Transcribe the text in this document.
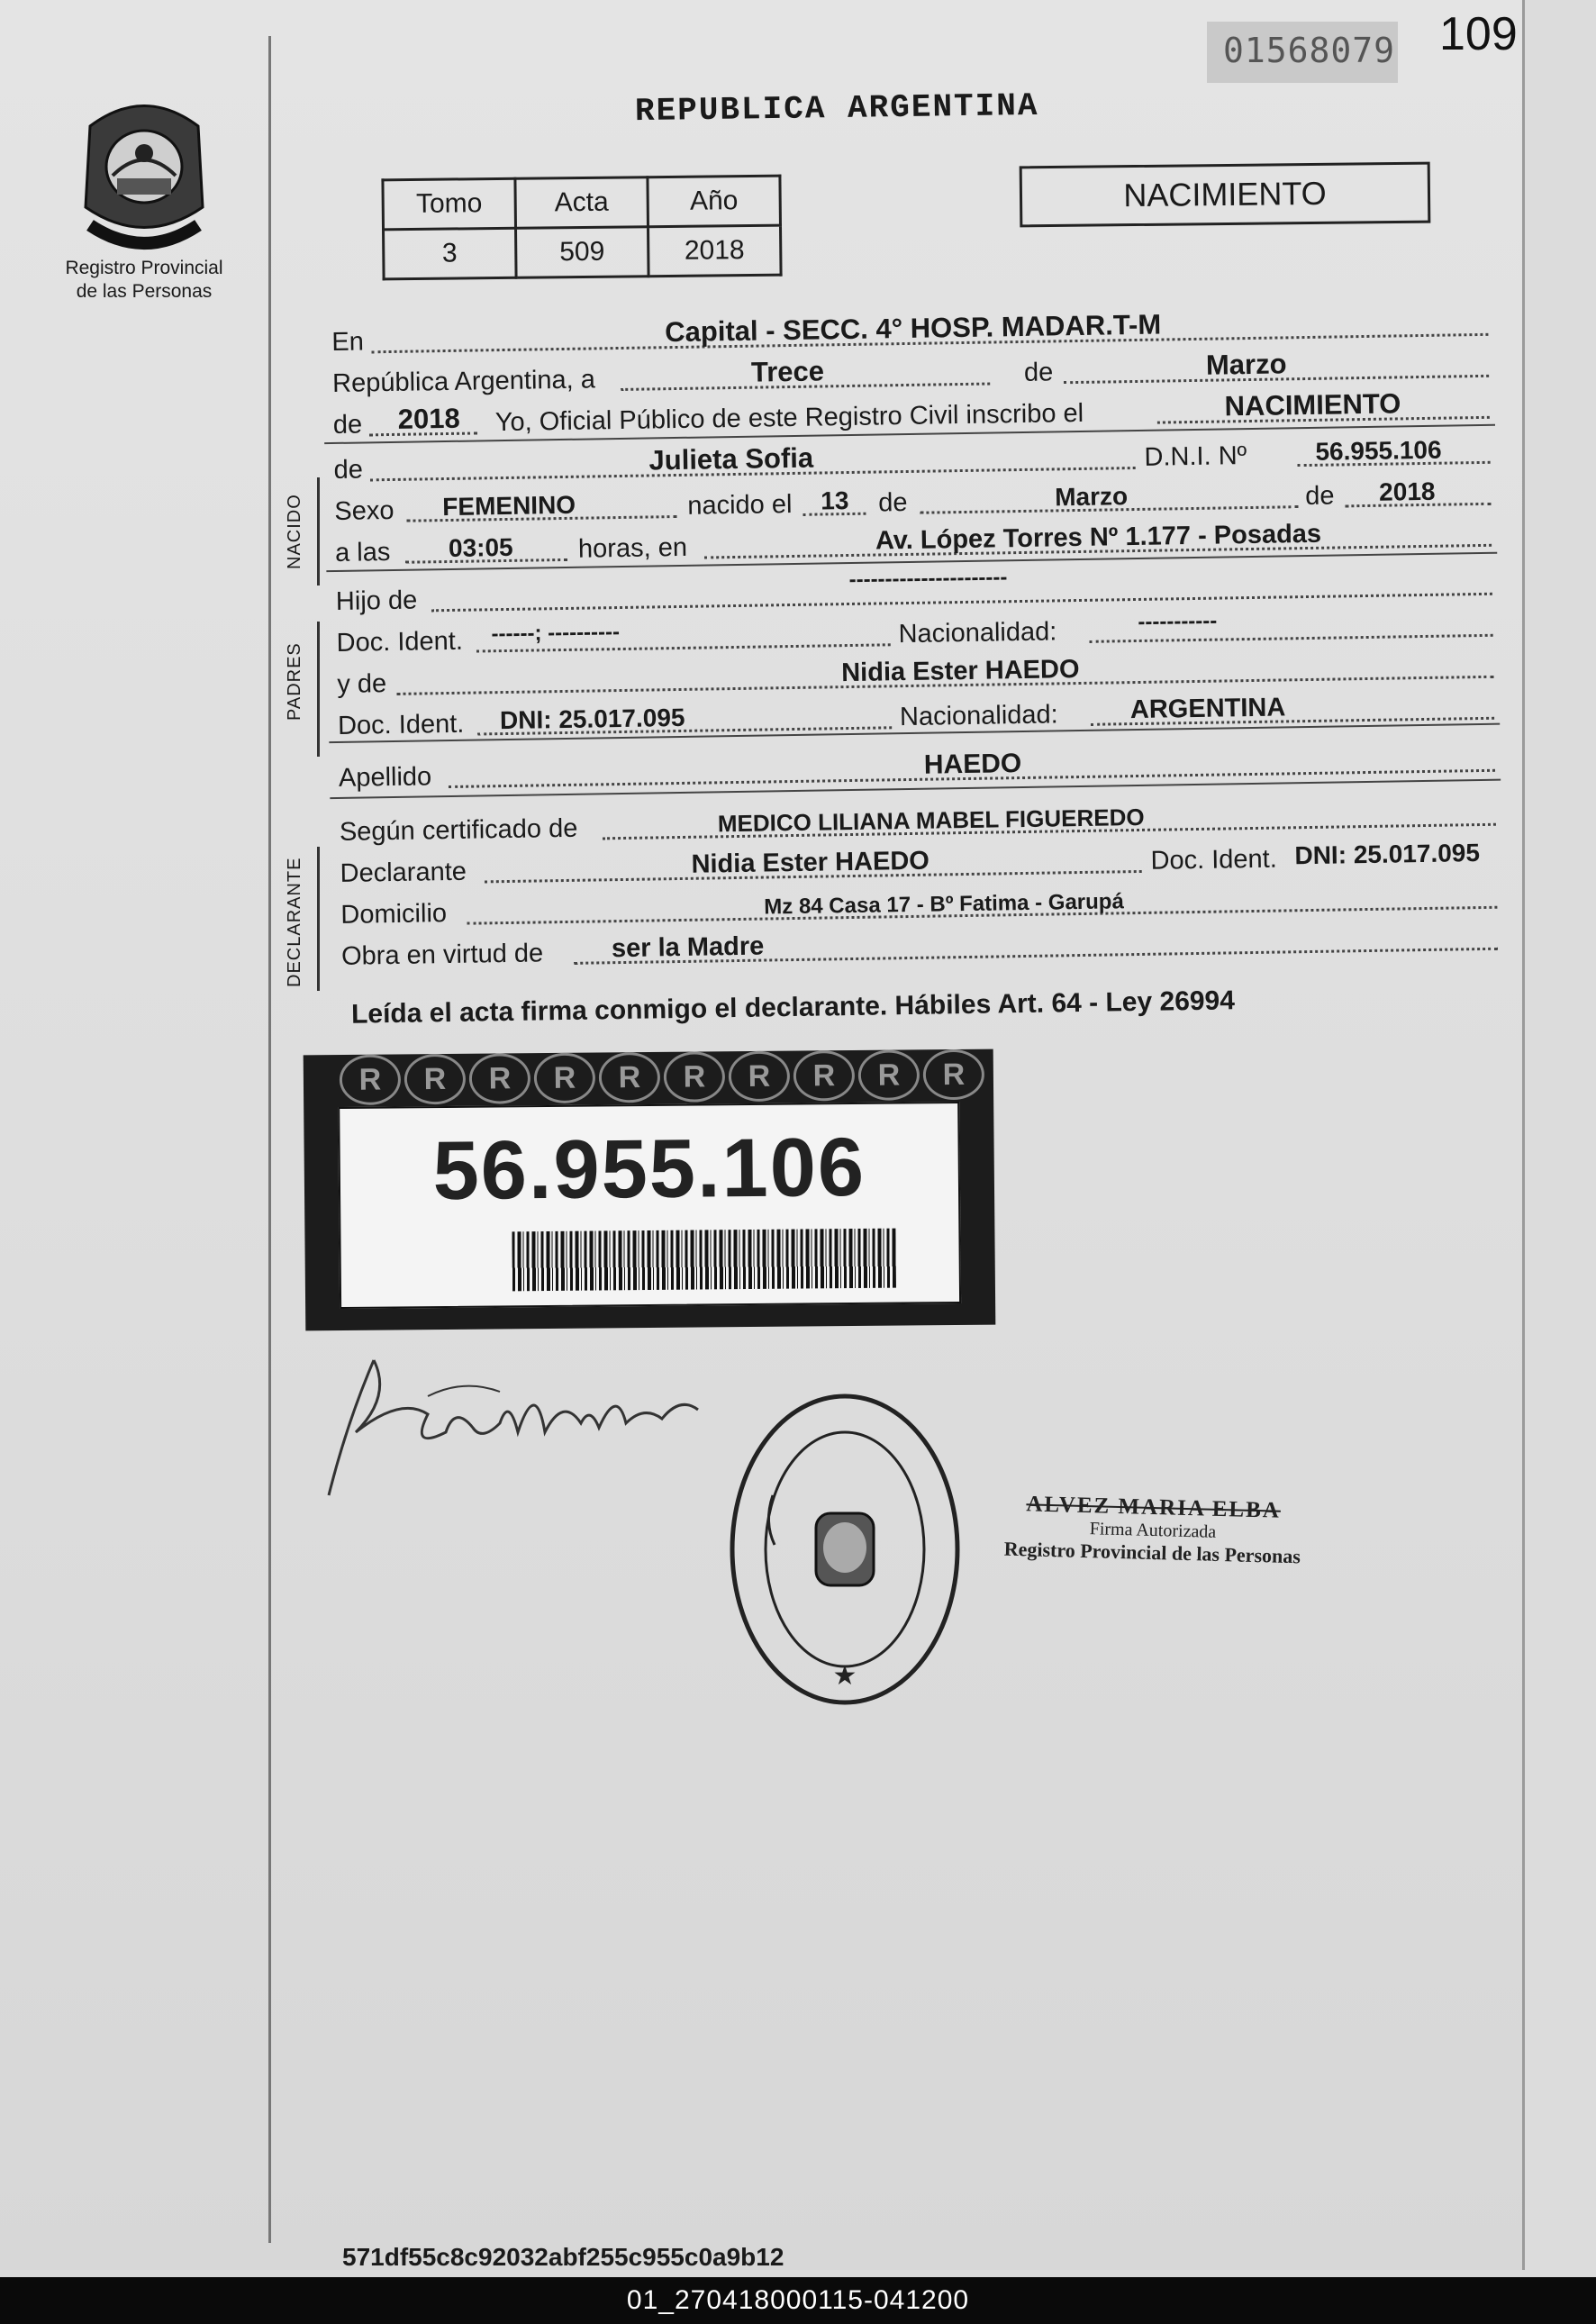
Registro Provincial
de las Personas
01568079 109
REPUBLICA ARGENTINA
Tomo	Acta	Año
3	509	2018
NACIMIENTO
En	Capital - SECC. 4° HOSP. MADAR.T-M
República Argentina, a	Trece	de	Marzo
de 2018 Yo, Oficial Público de este Registro Civil inscribo el	NACIMIENTO
de	Julieta Sofia	D.N.I. Nº	56.955.106
Sexo FEMENINO	nacido el 13 de	Marzo	de 2018
a las 03:05 horas, en	Av. López Torres Nº 1.177 - Posadas
Hijo de
----------------------
Doc. Ident. ------; ----------	Nacionalidad:	-----------
y de	Nidia Ester HAEDO
Doc. Ident. DNI: 25.017.095	Nacionalidad:	ARGENTINA
Apellido	HAEDO
Según certificado de	MEDICO LILIANA MABEL FIGUEREDO
Declarante	Nidia Ester HAEDO	Doc. Ident. DNI: 25.017.095
Domicilio	Mz 84 Casa 17 - Bº Fatima - Garupá
Obra en virtud de	ser la Madre
NACIDO
PADRES
DECLARANTE
Leída el acta firma conmigo el declarante. Hábiles Art. 64 - Ley 26994
R	R	R	R	R	R	R	R	R	R
56.955.106
★
ALVEZ MARIA ELBA
Firma Autorizada
Registro Provincial de las Personas
571df55c8c92032abf255c955c0a9b12
01_270418000115-041200
